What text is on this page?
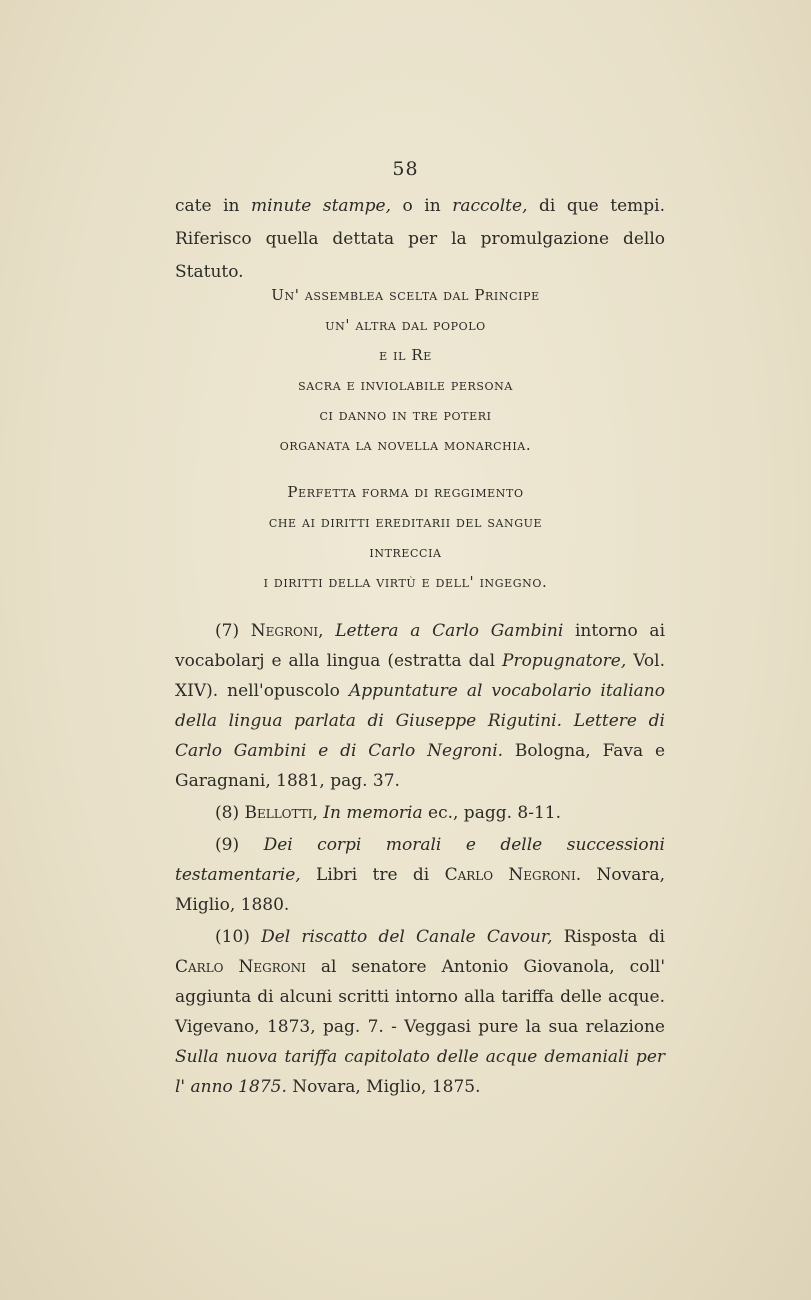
58

cate in minute stampe, o in raccolte, di que tempi. Riferisco quella dettata per la promulgazione dello Statuto.

Un' assemblea scelta dal Principe
un' altra dal popolo
e il Re
sacra e inviolabile persona
ci danno in tre poteri
organata la novella monarchia.
Perfetta forma di reggimento
che ai diritti ereditarii del sangue
intreccia
i diritti della virtù e dell' ingegno.

(7) Negroni, Lettera a Carlo Gambini intorno ai vocabolarj e alla lingua (estratta dal Propugnatore, Vol. XIV). nell'opuscolo Appuntature al vocabolario italiano della lingua parlata di Giuseppe Rigutini. Lettere di Carlo Gambini e di Carlo Negroni. Bologna, Fava e Garagnani, 1881, pag. 37.

(8) Bellotti, In memoria ec., pagg. 8-11.

(9) Dei corpi morali e delle successioni testamentarie, Libri tre di Carlo Negroni. Novara, Miglio, 1880.

(10) Del riscatto del Canale Cavour, Risposta di Carlo Negroni al senatore Antonio Giovanola, coll' aggiunta di alcuni scritti intorno alla tariffa delle acque. Vigevano, 1873, pag. 7. - Veggasi pure la sua relazione Sulla nuova tariffa capitolato delle acque demaniali per l' anno 1875. Novara, Miglio, 1875.
